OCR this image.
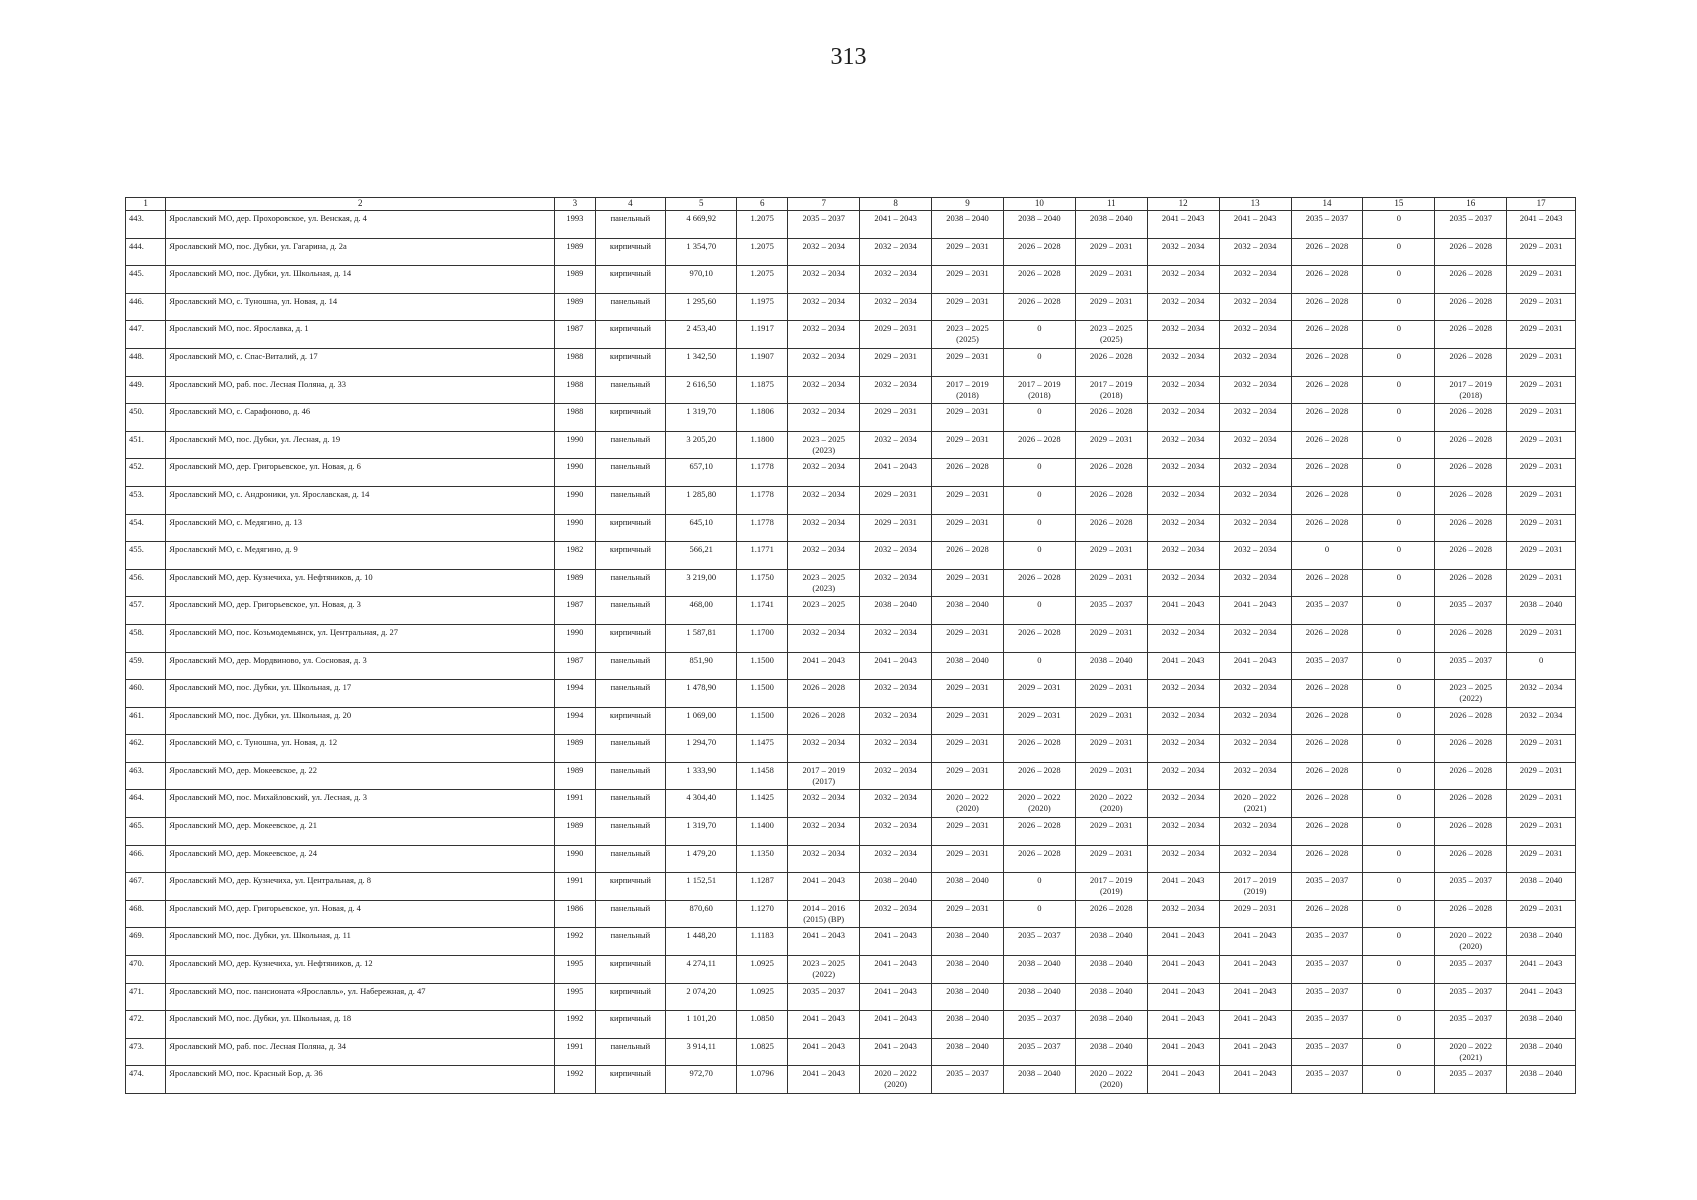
313
1	2	3	4	5	6	7	8	9	10	11	12	13	14	15	16	17

443.	Ярославский МО, дер. Прохоровское, ул. Венская, д. 4	1993	панельный	4 669,92	1.2075	2035 – 2037	2041 – 2043	2038 – 2040	2038 – 2040	2038 – 2040	2041 – 2043	2041 – 2043	2035 – 2037	0	2035 – 2037	2041 – 2043

444.	Ярославский МО, пос. Дубки, ул. Гагарина, д. 2а	1989	кирпичный	1 354,70	1.2075	2032 – 2034	2032 – 2034	2029 – 2031	2026 – 2028	2029 – 2031	2032 – 2034	2032 – 2034	2026 – 2028	0	2026 – 2028	2029 – 2031

445.	Ярославский МО, пос. Дубки, ул. Школьная, д. 14	1989	кирпичный	970,10	1.2075	2032 – 2034	2032 – 2034	2029 – 2031	2026 – 2028	2029 – 2031	2032 – 2034	2032 – 2034	2026 – 2028	0	2026 – 2028	2029 – 2031

446.	Ярославский МО, с. Туношна, ул. Новая, д. 14	1989	панельный	1 295,60	1.1975	2032 – 2034	2032 – 2034	2029 – 2031	2026 – 2028	2029 – 2031	2032 – 2034	2032 – 2034	2026 – 2028	0	2026 – 2028	2029 – 2031

447.	Ярославский МО, пос. Ярославка, д. 1	1987	кирпичный	2 453,40	1.1917	2032 – 2034	2029 – 2031	2023 – 2025
(2025)	0	2023 – 2025
(2025)	2032 – 2034	2032 – 2034	2026 – 2028	0	2026 – 2028	2029 – 2031

448.	Ярославский МО, с. Спас-Виталий, д. 17	1988	кирпичный	1 342,50	1.1907	2032 – 2034	2029 – 2031	2029 – 2031	0	2026 – 2028	2032 – 2034	2032 – 2034	2026 – 2028	0	2026 – 2028	2029 – 2031

449.	Ярославский МО, раб. пос. Лесная Поляна, д. 33	1988	панельный	2 616,50	1.1875	2032 – 2034	2032 – 2034	2017 – 2019
(2018)	2017 – 2019
(2018)	2017 – 2019
(2018)	2032 – 2034	2032 – 2034	2026 – 2028	0	2017 – 2019
(2018)	2029 – 2031

450.	Ярославский МО, с. Сарафоново, д. 46	1988	кирпичный	1 319,70	1.1806	2032 – 2034	2029 – 2031	2029 – 2031	0	2026 – 2028	2032 – 2034	2032 – 2034	2026 – 2028	0	2026 – 2028	2029 – 2031

451.	Ярославский МО, пос. Дубки, ул. Лесная, д. 19	1990	панельный	3 205,20	1.1800	2023 – 2025
(2023)	2032 – 2034	2029 – 2031	2026 – 2028	2029 – 2031	2032 – 2034	2032 – 2034	2026 – 2028	0	2026 – 2028	2029 – 2031

452.	Ярославский МО, дер. Григорьевское, ул. Новая, д. 6	1990	панельный	657,10	1.1778	2032 – 2034	2041 – 2043	2026 – 2028	0	2026 – 2028	2032 – 2034	2032 – 2034	2026 – 2028	0	2026 – 2028	2029 – 2031

453.	Ярославский МО, с. Андроники, ул. Ярославская, д. 14	1990	панельный	1 285,80	1.1778	2032 – 2034	2029 – 2031	2029 – 2031	0	2026 – 2028	2032 – 2034	2032 – 2034	2026 – 2028	0	2026 – 2028	2029 – 2031

454.	Ярославский МО, с. Медягино, д. 13	1990	кирпичный	645,10	1.1778	2032 – 2034	2029 – 2031	2029 – 2031	0	2026 – 2028	2032 – 2034	2032 – 2034	2026 – 2028	0	2026 – 2028	2029 – 2031

455.	Ярославский МО, с. Медягино, д. 9	1982	кирпичный	566,21	1.1771	2032 – 2034	2032 – 2034	2026 – 2028	0	2029 – 2031	2032 – 2034	2032 – 2034	0	0	2026 – 2028	2029 – 2031

456.	Ярославский МО, дер. Кузнечиха, ул. Нефтяников, д. 10	1989	панельный	3 219,00	1.1750	2023 – 2025
(2023)	2032 – 2034	2029 – 2031	2026 – 2028	2029 – 2031	2032 – 2034	2032 – 2034	2026 – 2028	0	2026 – 2028	2029 – 2031

457.	Ярославский МО, дер. Григорьевское, ул. Новая, д. 3	1987	панельный	468,00	1.1741	2023 – 2025	2038 – 2040	2038 – 2040	0	2035 – 2037	2041 – 2043	2041 – 2043	2035 – 2037	0	2035 – 2037	2038 – 2040

458.	Ярославский МО, пос. Козьмодемьянск, ул. Центральная, д. 27	1990	кирпичный	1 587,81	1.1700	2032 – 2034	2032 – 2034	2029 – 2031	2026 – 2028	2029 – 2031	2032 – 2034	2032 – 2034	2026 – 2028	0	2026 – 2028	2029 – 2031

459.	Ярославский МО, дер. Мордвиново, ул. Сосновая, д. 3	1987	панельный	851,90	1.1500	2041 – 2043	2041 – 2043	2038 – 2040	0	2038 – 2040	2041 – 2043	2041 – 2043	2035 – 2037	0	2035 – 2037	0

460.	Ярославский МО, пос. Дубки, ул. Школьная, д. 17	1994	панельный	1 478,90	1.1500	2026 – 2028	2032 – 2034	2029 – 2031	2029 – 2031	2029 – 2031	2032 – 2034	2032 – 2034	2026 – 2028	0	2023 – 2025
(2022)	2032 – 2034

461.	Ярославский МО, пос. Дубки, ул. Школьная, д. 20	1994	кирпичный	1 069,00	1.1500	2026 – 2028	2032 – 2034	2029 – 2031	2029 – 2031	2029 – 2031	2032 – 2034	2032 – 2034	2026 – 2028	0	2026 – 2028	2032 – 2034

462.	Ярославский МО, с. Туношна, ул. Новая, д. 12	1989	панельный	1 294,70	1.1475	2032 – 2034	2032 – 2034	2029 – 2031	2026 – 2028	2029 – 2031	2032 – 2034	2032 – 2034	2026 – 2028	0	2026 – 2028	2029 – 2031

463.	Ярославский МО, дер. Мокеевское, д. 22	1989	панельный	1 333,90	1.1458	2017 – 2019
(2017)	2032 – 2034	2029 – 2031	2026 – 2028	2029 – 2031	2032 – 2034	2032 – 2034	2026 – 2028	0	2026 – 2028	2029 – 2031

464.	Ярославский МО, пос. Михайловский, ул. Лесная, д. 3	1991	панельный	4 304,40	1.1425	2032 – 2034	2032 – 2034	2020 – 2022
(2020)	2020 – 2022
(2020)	2020 – 2022
(2020)	2032 – 2034	2020 – 2022
(2021)	2026 – 2028	0	2026 – 2028	2029 – 2031

465.	Ярославский МО, дер. Мокеевское, д. 21	1989	панельный	1 319,70	1.1400	2032 – 2034	2032 – 2034	2029 – 2031	2026 – 2028	2029 – 2031	2032 – 2034	2032 – 2034	2026 – 2028	0	2026 – 2028	2029 – 2031

466.	Ярославский МО, дер. Мокеевское, д. 24	1990	панельный	1 479,20	1.1350	2032 – 2034	2032 – 2034	2029 – 2031	2026 – 2028	2029 – 2031	2032 – 2034	2032 – 2034	2026 – 2028	0	2026 – 2028	2029 – 2031

467.	Ярославский МО, дер. Кузнечиха, ул. Центральная, д. 8	1991	кирпичный	1 152,51	1.1287	2041 – 2043	2038 – 2040	2038 – 2040	0	2017 – 2019
(2019)	2041 – 2043	2017 – 2019
(2019)	2035 – 2037	0	2035 – 2037	2038 – 2040

468.	Ярославский МО, дер. Григорьевское, ул. Новая, д. 4	1986	панельный	870,60	1.1270	2014 – 2016
(2015) (ВР)	2032 – 2034	2029 – 2031	0	2026 – 2028	2032 – 2034	2029 – 2031	2026 – 2028	0	2026 – 2028	2029 – 2031

469.	Ярославский МО, пос. Дубки, ул. Школьная, д. 11	1992	панельный	1 448,20	1.1183	2041 – 2043	2041 – 2043	2038 – 2040	2035 – 2037	2038 – 2040	2041 – 2043	2041 – 2043	2035 – 2037	0	2020 – 2022
(2020)	2038 – 2040

470.	Ярославский МО, дер. Кузнечиха, ул. Нефтяников, д. 12	1995	кирпичный	4 274,11	1.0925	2023 – 2025
(2022)	2041 – 2043	2038 – 2040	2038 – 2040	2038 – 2040	2041 – 2043	2041 – 2043	2035 – 2037	0	2035 – 2037	2041 – 2043

471.	Ярославский МО, пос. пансионата «Ярославль», ул. Набережная, д. 47	1995	кирпичный	2 074,20	1.0925	2035 – 2037	2041 – 2043	2038 – 2040	2038 – 2040	2038 – 2040	2041 – 2043	2041 – 2043	2035 – 2037	0	2035 – 2037	2041 – 2043

472.	Ярославский МО, пос. Дубки, ул. Школьная, д. 18	1992	кирпичный	1 101,20	1.0850	2041 – 2043	2041 – 2043	2038 – 2040	2035 – 2037	2038 – 2040	2041 – 2043	2041 – 2043	2035 – 2037	0	2035 – 2037	2038 – 2040

473.	Ярославский МО, раб. пос. Лесная Поляна, д. 34	1991	панельный	3 914,11	1.0825	2041 – 2043	2041 – 2043	2038 – 2040	2035 – 2037	2038 – 2040	2041 – 2043	2041 – 2043	2035 – 2037	0	2020 – 2022
(2021)	2038 – 2040

474.	Ярославский МО, пос. Красный Бор, д. 36	1992	кирпичный	972,70	1.0796	2041 – 2043	2020 – 2022
(2020)	2035 – 2037	2038 – 2040	2020 – 2022
(2020)	2041 – 2043	2041 – 2043	2035 – 2037	0	2035 – 2037	2038 – 2040
